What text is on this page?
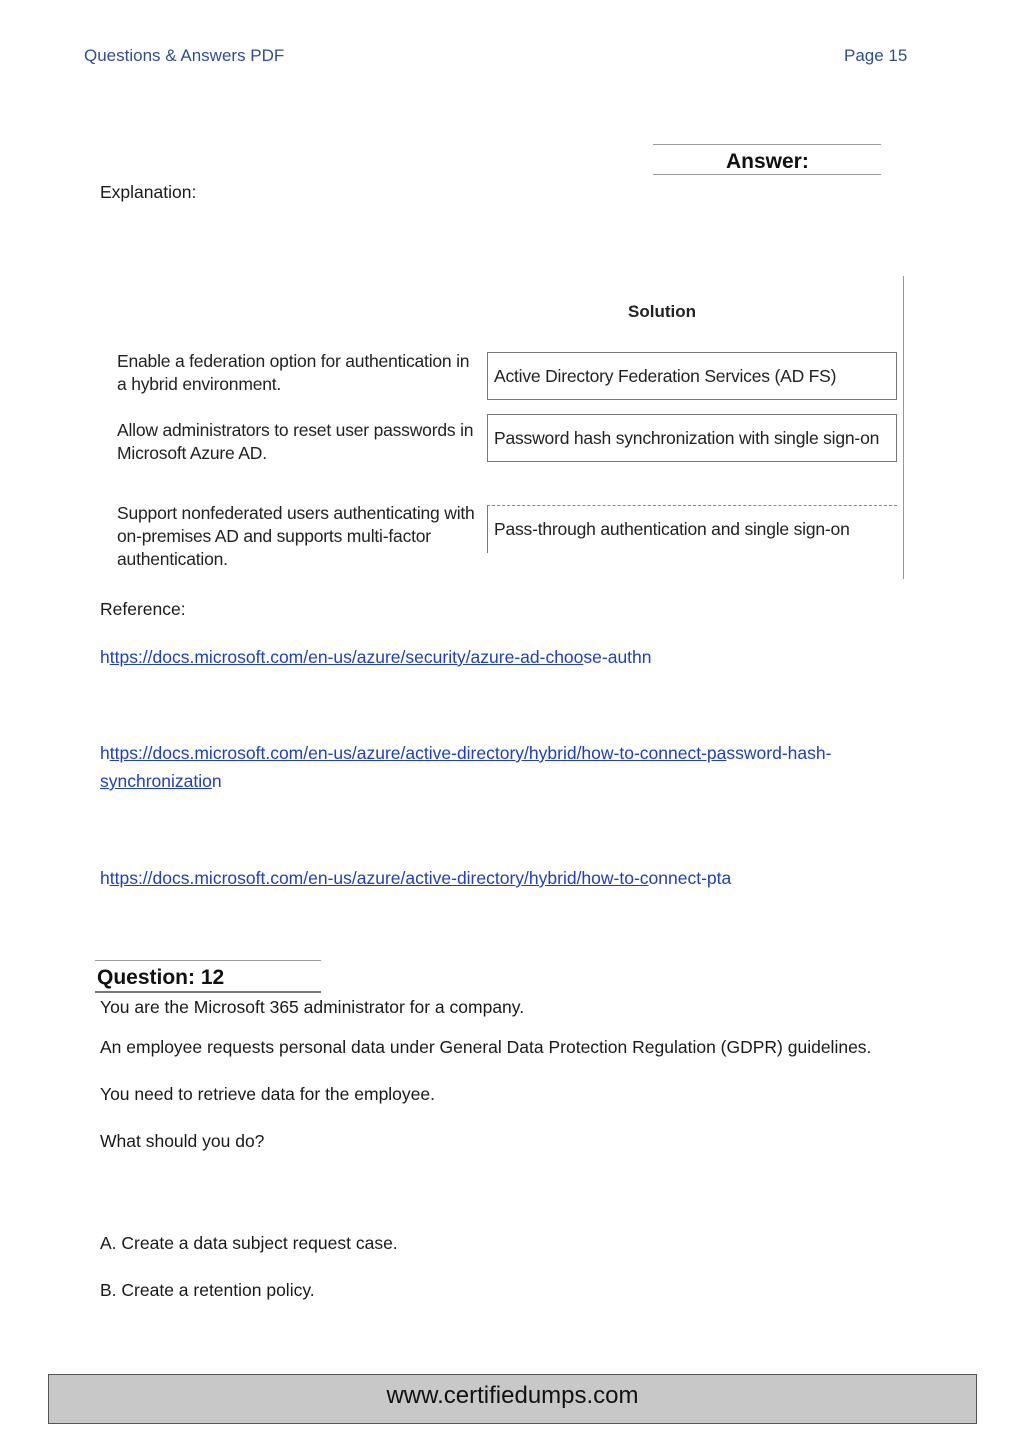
Questions & Answers PDF	Page 15
Answer:
Explanation:
Solution
Enable a federation option for authentication in a hybrid environment.	Active Directory Federation Services (AD FS)
Allow administrators to reset user passwords in Microsoft Azure AD.
Password hash synchronization with single sign-on
Support nonfederated users authenticating with on-premises AD and supports multi-factor authentication.
Pass-through authentication and single sign-on
Reference:
https://docs.microsoft.com/en-us/azure/security/azure-ad-choose-authn
https://docs.microsoft.com/en-us/azure/active-directory/hybrid/how-to-connect-password-hash-
synchronization
https://docs.microsoft.com/en-us/azure/active-directory/hybrid/how-to-connect-pta
Question: 12
You are the Microsoft 365 administrator for a company.
An employee requests personal data under General Data Protection Regulation (GDPR) guidelines.
You need to retrieve data for the employee.
What should you do?
A. Create a data subject request case.
B. Create a retention policy.
www.certifiedumps.com
